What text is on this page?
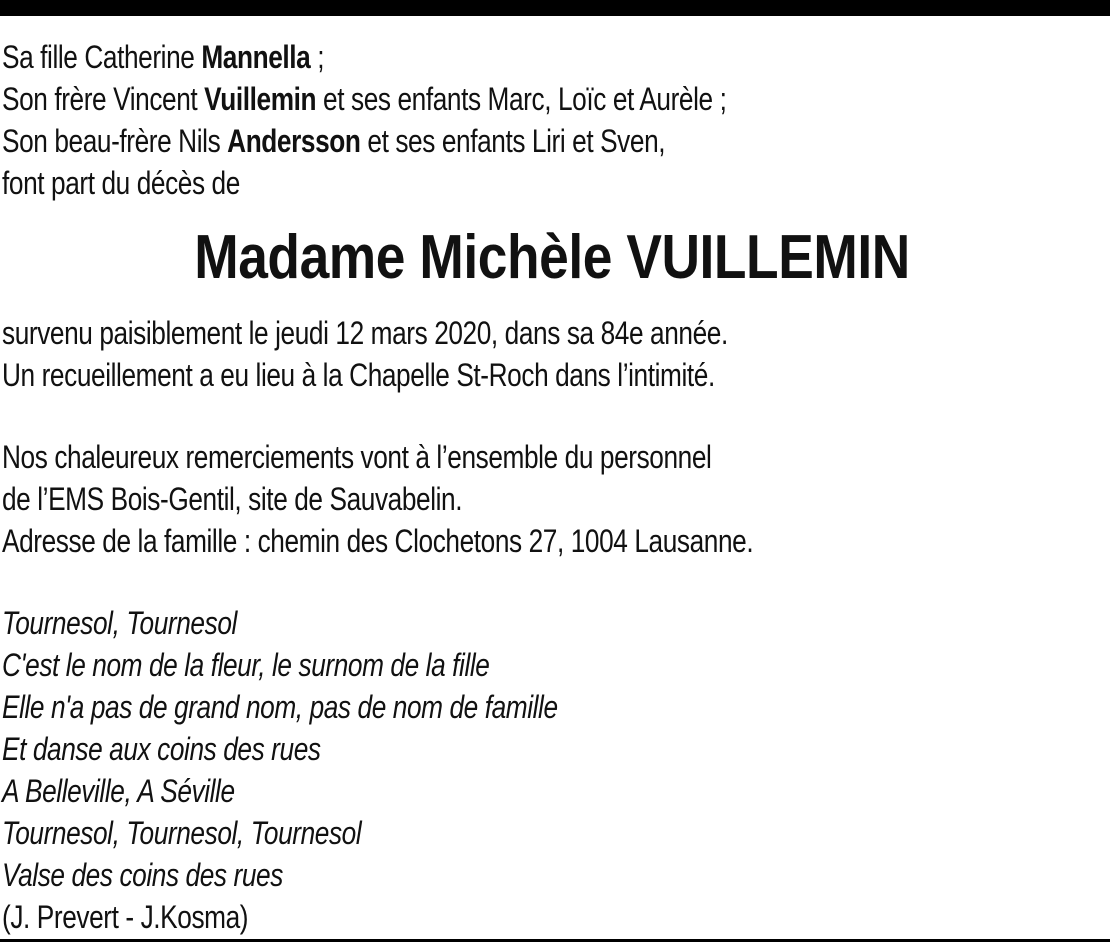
Sa fille Catherine Mannella ;
Son frère Vincent Vuillemin et ses enfants Marc, Loïc et Aurèle ;
Son beau-frère Nils Andersson et ses enfants Liri et Sven,
font part du décès de
Madame Michèle VUILLEMIN
survenu paisiblement le jeudi 12 mars 2020, dans sa 84e année.
Un recueillement a eu lieu à la Chapelle St-Roch dans l’intimité.
Nos chaleureux remerciements vont à l’ensemble du personnel
de l’EMS Bois-Gentil, site de Sauvabelin.
Adresse de la famille : chemin des Clochetons 27, 1004 Lausanne.
Tournesol, Tournesol
C'est le nom de la fleur, le surnom de la fille
Elle n'a pas de grand nom, pas de nom de famille
Et danse aux coins des rues
A Belleville, A Séville
Tournesol, Tournesol, Tournesol
Valse des coins des rues
(J. Prevert - J.Kosma)
